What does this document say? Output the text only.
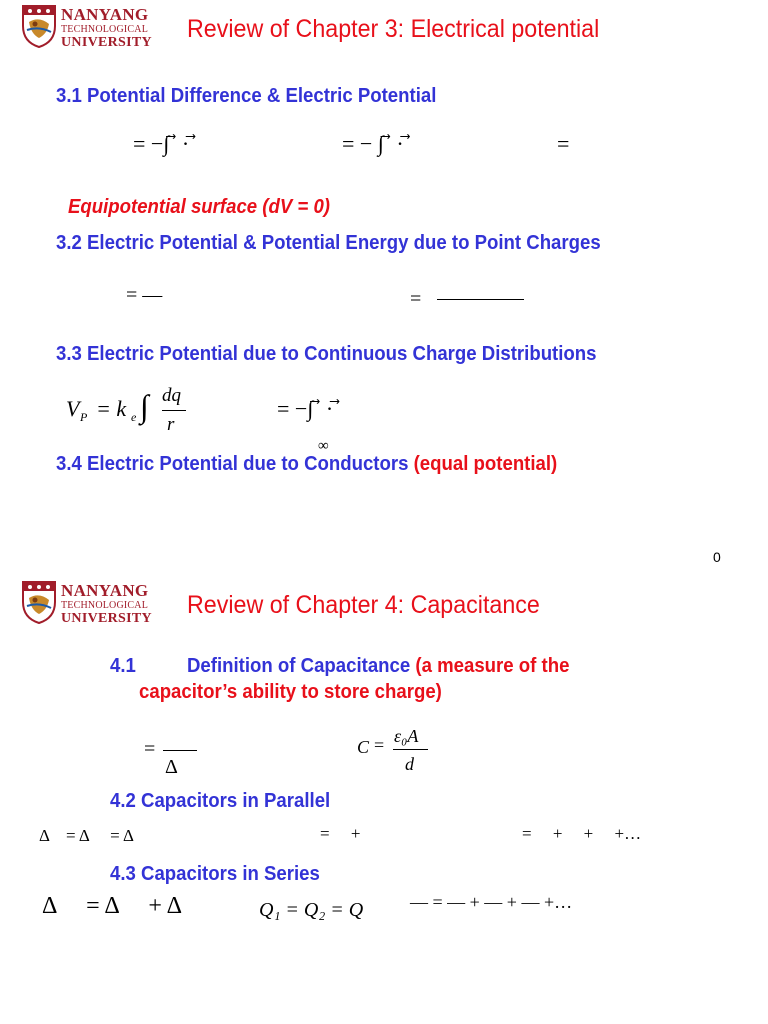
NANYANG
TECHNOLOGICAL
UNIVERSITY Review of Chapter 3: Electrical potential
3.1 Potential Difference & Electric Potential
= −∫ ⃗ · ⃗	= − ∫ ⃗ · ⃗	=
Equipotential surface (dV = 0)
3.2 Electric Potential & Potential Energy due to Point Charges
= —	=
3.3 Electric Potential due to Continuous Charge Distributions
V P = k e ∫ dq
r
= −∫ ⃗ · ⃗
∞
3.4 Electric Potential due to Conductors (equal potential)
0
NANYANG
TECHNOLOGICAL
UNIVERSITY Review of Chapter 4: Capacitance
4.1	Definition of Capacitance (a measure of the
capacitor’s ability to store charge)
=
Δ
C = ε₀A
d
4.2 Capacitors in Parallel
Δ    = Δ     = Δ	=     +	=     +     +     +…
4.3 Capacitors in Series
Δ     = Δ     + Δ	Q₁ = Q₂ = Q	— = — + — + — +…
